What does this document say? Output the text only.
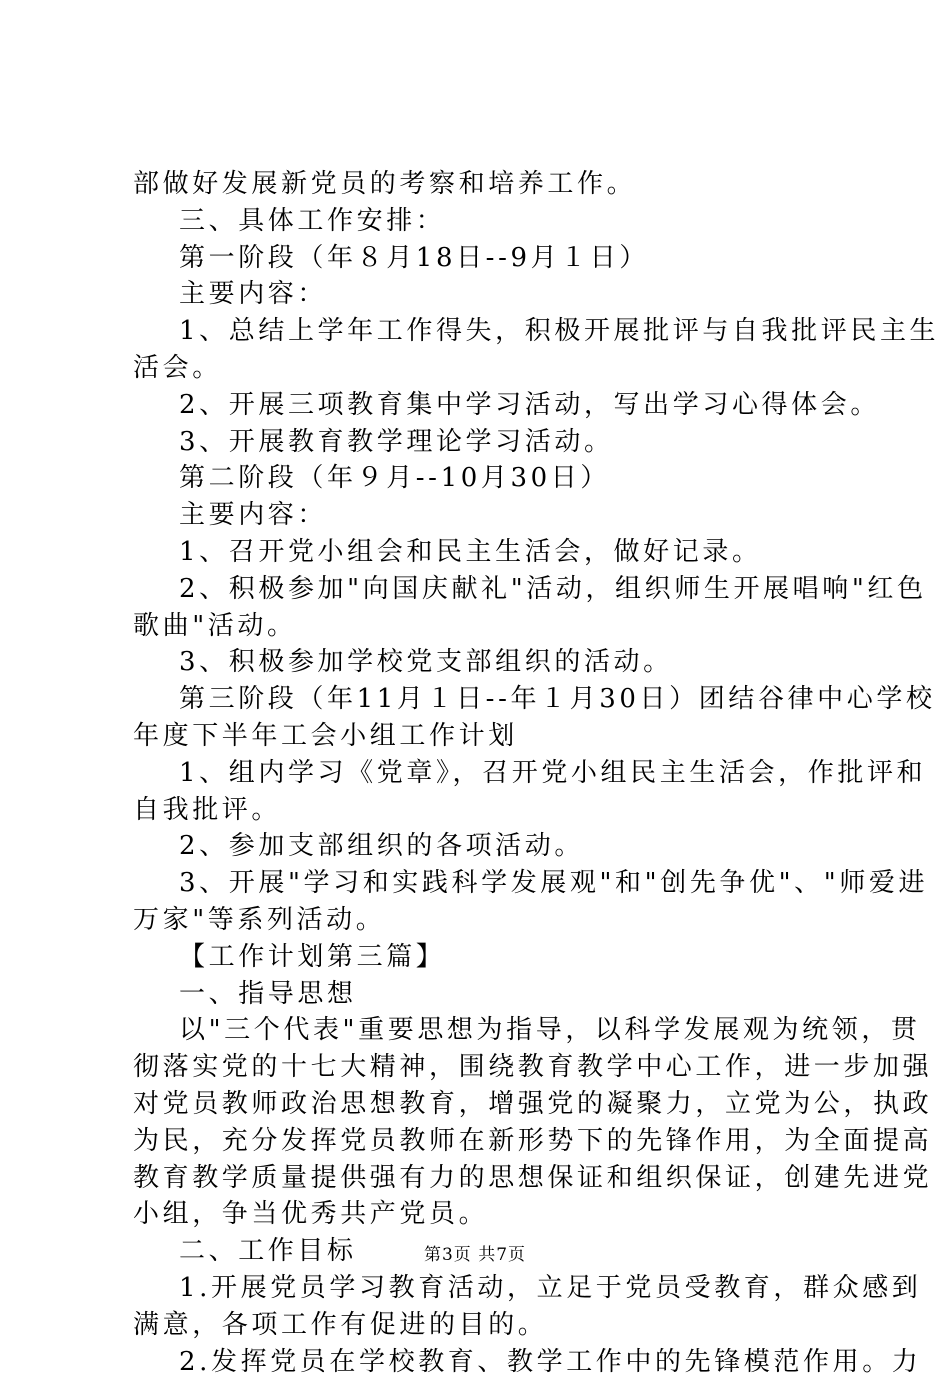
部做好发展新党员的考察和培养工作。
三、具体工作安排：
第一阶段（年８月18日--9月１日）
主要内容：
1、总结上学年工作得失，积极开展批评与自我批评民主生
活会。
2、开展三项教育集中学习活动，写出学习心得体会。
3、开展教育教学理论学习活动。
第二阶段（年９月--10月30日）
主要内容：
1、召开党小组会和民主生活会，做好记录。
2、积极参加"向国庆献礼"活动，组织师生开展唱响"红色
歌曲"活动。
3、积极参加学校党支部组织的活动。
第三阶段（年11月１日--年１月30日）团结谷律中心学校
年度下半年工会小组工作计划
1、组内学习《党章》，召开党小组民主生活会，作批评和
自我批评。
2、参加支部组织的各项活动。
3、开展"学习和实践科学发展观"和"创先争优"、"师爱进
万家"等系列活动。
【工作计划第三篇】
一、指导思想
以"三个代表"重要思想为指导，以科学发展观为统领，贯
彻落实党的十七大精神，围绕教育教学中心工作，进一步加强
对党员教师政治思想教育，增强党的凝聚力，立党为公，执政
为民，充分发挥党员教师在新形势下的先锋作用，为全面提高
教育教学质量提供强有力的思想保证和组织保证，创建先进党
小组，争当优秀共产党员。
二、工作目标
1.开展党员学习教育活动，立足于党员受教育，群众感到
满意，各项工作有促进的目的。
2.发挥党员在学校教育、教学工作中的先锋模范作用。力
第3页 共7页
